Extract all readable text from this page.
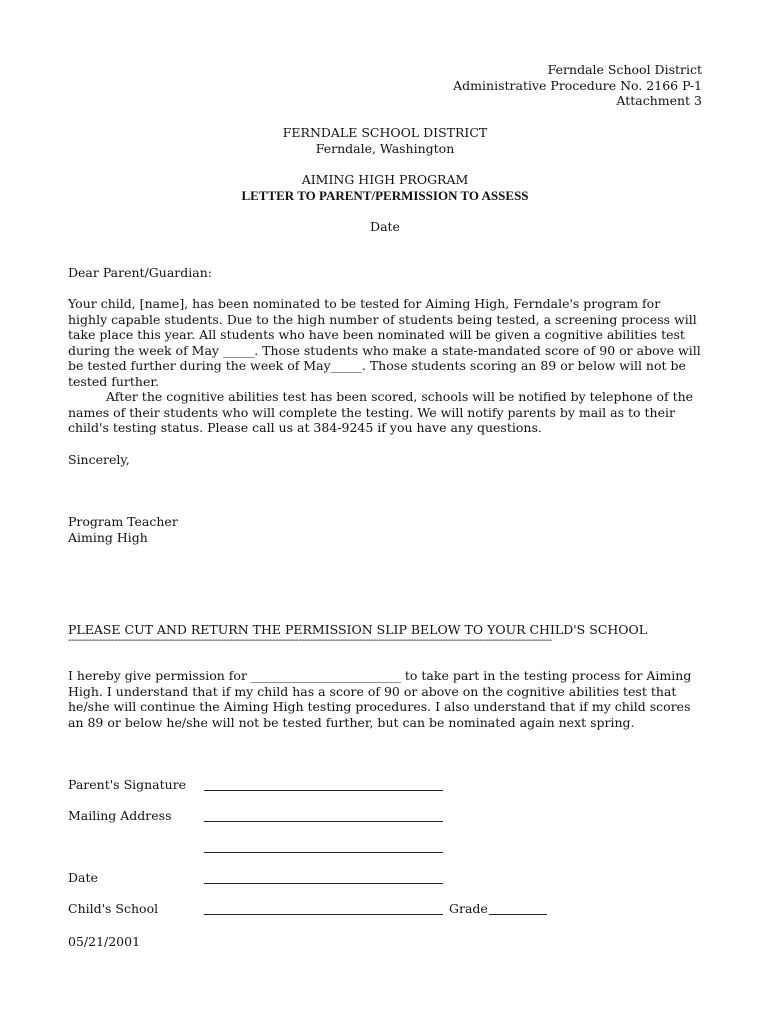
Ferndale School District
Administrative Procedure No. 2166 P-1
Attachment 3
FERNDALE SCHOOL DISTRICT
Ferndale, Washington
AIMING HIGH PROGRAM
LETTER TO PARENT/PERMISSION TO ASSESS
Date
Dear Parent/Guardian:
Your child, [name], has been nominated to be tested for Aiming High, Ferndale's program for highly capable students. Due to the high number of students being tested, a screening process will take place this year. All students who have been nominated will be given a cognitive abilities test during the week of May _____. Those students who make a state-mandated score of 90 or above will be tested further during the week of May_____. Those students scoring an 89 or below will not be tested further.
After the cognitive abilities test has been scored, schools will be notified by telephone of the names of their students who will complete the testing. We will notify parents by mail as to their child's testing status. Please call us at 384-9245 if you have any questions.
Sincerely,
Program Teacher
Aiming High
PLEASE CUT AND RETURN THE PERMISSION SLIP BELOW TO YOUR CHILD'S SCHOOL
------------------------------------------------------------------------------------------------------------------------------------------------------------------------
I hereby give permission for ________________________ to take part in the testing process for Aiming High. I understand that if my child has a score of 90 or above on the cognitive abilities test that he/she will continue the Aiming High testing procedures. I also understand that if my child scores an 89 or below he/she will not be tested further, but can be nominated again next spring.
Parent's Signature
Mailing Address
Date
Child's School	Grade
05/21/2001
